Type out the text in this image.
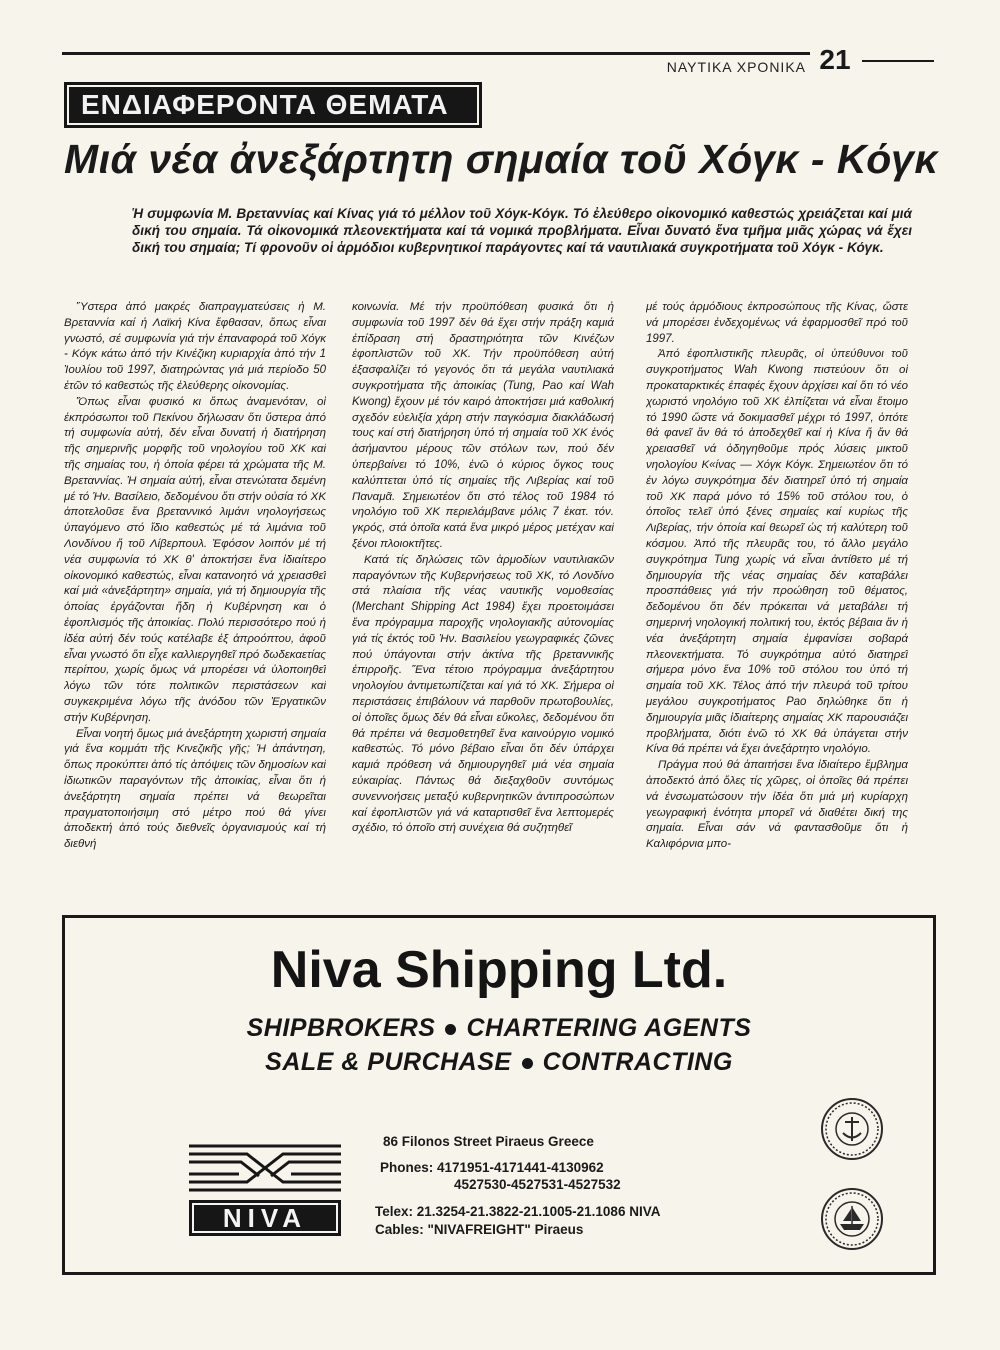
ΝΑΥΤΙΚΑ ΧΡΟΝΙΚΑ 21
ΕΝΔΙΑΦΕΡΟΝΤΑ ΘΕΜΑΤΑ
Μιά νέα ἀνεξάρτητη σημαία τοῦ Χόγκ - Κόγκ

Ἡ συμφωνία Μ. Βρεταννίας καί Κίνας γιά τό μέλλον τοῦ Χόγκ-Κόγκ. Τό ἐλεύθερο οἰκονομικό καθεστώς χρειάζεται καί μιά δική του σημαία. Τά οἰκονομικά πλεονεκτήματα καί τά νομικά προβλήματα. Εἶναι δυνατό ἕνα τμῆμα μιᾶς χώρας νά ἔχει δική του σημαία; Τί φρονοῦν οἱ ἁρμόδιοι κυβερνητικοί παράγοντες καί τά ναυτιλιακά συγκροτήματα τοῦ Χόγκ - Κόγκ.

Ὕστερα ἀπό μακρές διαπραγματεύσεις ἡ Μ. Βρεταννία καί ἡ Λαϊκή Κίνα ἔφθασαν, ὅπως εἶναι γνωστό, σέ συμφωνία γιά τήν ἐπαναφορά τοῦ Χόγκ - Κόγκ κάτω ἀπό τήν Κινέζικη κυριαρχία ἀπό τήν 1 Ἰουλίου τοῦ 1997, διατηρώντας γιά μιά περίοδο 50 ἐτῶν τό καθεστώς τῆς ἐλεύθερης οἰκονομίας.

Ὅπως εἶναι φυσικό κι ὅπως ἀναμενόταν, οἱ ἐκπρόσωποι τοῦ Πεκίνου δήλωσαν ὅτι ὕστερα ἀπό τή συμφωνία αὐτή, δέν εἶναι δυνατή ἡ διατήρηση τῆς σημερινῆς μορφῆς τοῦ νηολογίου τοῦ ΧΚ καί τῆς σημαίας του, ἡ ὁποία φέρει τά χρώματα τῆς Μ. Βρεταννίας. Ἡ σημαία αὐτή, εἶναι στενώτατα δεμένη μέ τό Ἡν. Βασίλειο, δεδομένου ὅτι στήν οὐσία τό ΧΚ ἀποτελοῦσε ἕνα βρεταννικό λιμάνι νηολογήσεως ὑπαγόμενο στό ἴδιο καθεστώς μέ τά λιμάνια τοῦ Λονδίνου ἤ τοῦ Λίβερπουλ. Ἐφόσον λοιπόν μέ τή νέα συμφωνία τό ΧΚ θ' ἀποκτήσει ἕνα ἰδιαίτερο οἰκονομικό καθεστώς, εἶναι κατανοητό νά χρειασθεῖ καί μιά «ἀνεξάρτητη» σημαία, γιά τή δημιουργία τῆς ὁποίας ἐργάζονται ἤδη ἡ Κυβέρνηση και ὁ ἐφοπλισμός τῆς ἀποικίας. Πολύ περισσότερο πού ἡ ἰδέα αὐτή δέν τούς κατέλαβε ἐξ ἀπροόπτου, ἀφοῦ εἶναι γνωστό ὅτι εἶχε καλλιεργηθεῖ πρό δωδεκαετίας περίπου, χωρίς ὅμως νά μπορέσει νά ὑλοποιηθεῖ λόγω τῶν τότε πολιτικῶν περιστάσεων καί συγκεκριμένα λόγω τῆς ἀνόδου τῶν Ἐργατικῶν στήν Κυβέρνηση.

Εἶναι νοητή ὅμως μιά ἀνεξάρτητη χωριστή σημαία γιά ἕνα κομμάτι τῆς Κινεζικῆς γῆς; Ἡ ἀπάντηση, ὅπως προκύπτει ἀπό τίς ἀπόψεις τῶν δημοσίων καί ἰδιωτικῶν παραγόντων τῆς ἀποικίας, εἶναι ὅτι ἡ ἀνεξάρτητη σημαία πρέπει νά θεωρεῖται πραγματοποιήσιμη στό μέτρο πού θά γίνει ἀποδεκτή ἀπό τούς διεθνεῖς ὀργανισμούς καί τή διεθνή

κοινωνία. Μέ τήν προϋπόθεση φυσικά ὅτι ἡ συμφωνία τοῦ 1997 δέν θά ἔχει στήν πράξη καμιά ἐπίδραση στή δραστηριότητα τῶν Κινέζων ἐφοπλιστῶν τοῦ ΧΚ. Τήν προϋπόθεση αὐτή ἐξασφαλίζει τό γεγονός ὅτι τά μεγάλα ναυτιλιακά συγκροτήματα τῆς ἀποικίας (Tung, Pao καί Wah Kwong) ἔχουν μέ τόν καιρό ἀποκτήσει μιά καθολική σχεδόν εὐελιξία χάρη στήν παγκόσμια διακλάδωσή τους καί στή διατήρηση ὑπό τή σημαία τοῦ ΧΚ ἑνός ἀσήμαντου μέρους τῶν στόλων των, πού δέν ὑπερβαίνει τό 10%, ἐνῶ ὁ κύριος ὄγκος τους καλύπτεται ὑπό τίς σημαίες τῆς Λιβερίας καί τοῦ Παναμᾶ. Σημειωτέον ὅτι στό τέλος τοῦ 1984 τό νηολόγιο τοῦ ΧΚ περιελάμβανε μόλις 7 ἑκατ. τόν. γκρός, στά ὁποῖα κατά ἕνα μικρό μέρος μετέχαν καί ξένοι πλοιοκτῆτες.

Κατά τίς δηλώσεις τῶν ἁρμοδίων ναυτιλιακῶν παραγόντων τῆς Κυβερνήσεως τοῦ ΧΚ, τό Λονδίνο στά πλαίσια τῆς νέας ναυτικῆς νομοθεσίας (Merchant Shipping Act 1984) ἔχει προετοιμάσει ἕνα πρόγραμμα παροχῆς νηολογιακῆς αὐτονομίας γιά τίς ἐκτός τοῦ Ἡν. Βασιλείου γεωγραφικές ζῶνες πού ὑπάγονται στήν ἀκτίνα τῆς βρεταννικῆς ἐπιρροῆς. Ἕνα τέτοιο πρόγραμμα ἀνεξάρτητου νηολογίου ἀντιμετωπίζεται καί γιά τό ΧΚ. Σήμερα οἱ περιστάσεις ἐπιβάλουν νά παρθοῦν πρωτοβουλίες, οἱ ὁποῖες ὅμως δέν θά εἶναι εὔκολες, δεδομένου ὅτι θά πρέπει νά θεσμοθετηθεῖ ἕνα καινούργιο νομικό καθεστώς. Τό μόνο βέβαιο εἶναι ὅτι δέν ὑπάρχει καμιά πρόθεση νά δημιουργηθεῖ μιά νέα σημαία εὐκαιρίας. Πάντως θά διεξαχθοῦν συντόμως συνεννοήσεις μεταξύ κυβερνητικῶν ἀντιπροσώπων καί ἐφοπλιστῶν γιά νά καταρτισθεῖ ἕνα λεπτομερές σχέδιο, τό ὁποῖο στή συνέχεια θά συζητηθεῖ

μέ τούς ἁρμόδιους ἐκπροσώπους τῆς Κίνας, ὥστε νά μπορέσει ἐνδεχομένως νά ἐφαρμοσθεῖ πρό τοῦ 1997.

Ἀπό ἐφοπλιστικῆς πλευρᾶς, οἱ ὑπεύθυνοι τοῦ συγκροτήματος Wah Kwong πιστεύουν ὅτι οἱ προκαταρκτικές ἐπαφές ἔχουν ἀρχίσει καί ὅτι τό νέο χωριστό νηολόγιο τοῦ ΧΚ ἐλπίζεται νά εἶναι ἕτοιμο τό 1990 ὥστε νά δοκιμασθεῖ μέχρι τό 1997, ὁπότε θά φανεῖ ἄν θά τό ἀποδεχθεῖ καί ἡ Κίνα ἤ ἄν θά χρειασθεῖ νά ὁδηγηθοῦμε πρός λύσεις μικτοῦ νηολογίου Κ«ίνας — Χόγκ Κόγκ. Σημειωτέον ὅτι τό ἐν λόγω συγκρότημα δέν διατηρεῖ ὑπό τή σημαία τοῦ ΧΚ παρά μόνο τό 15% τοῦ στόλου του, ὁ ὁποῖος τελεῖ ὑπό ξένες σημαίες καί κυρίως τῆς Λιβερίας, τήν ὁποία καί θεωρεῖ ὡς τή καλύτερη τοῦ κόσμου. Ἀπό τῆς πλευρᾶς του, τό ἄλλο μεγάλο συγκρότημα Tung χωρίς νά εἶναι ἀντίθετο μέ τή δημιουργία τῆς νέας σημαίας δέν καταβάλει προσπάθειες γιά τήν προώθηση τοῦ θέματος, δεδομένου ὅτι δέν πρόκειται νά μεταβάλει τή σημερινή νηολογική πολιτική του, ἐκτός βέβαια ἄν ἡ νέα ἀνεξάρτητη σημαία ἐμφανίσει σοβαρά πλεονεκτήματα. Τό συγκρότημα αὐτό διατηρεῖ σήμερα μόνο ἕνα 10% τοῦ στόλου του ὑπό τή σημαία τοῦ ΧΚ. Τέλος ἀπό τήν πλευρά τοῦ τρίτου μεγάλου συγκροτήματος Pao δηλώθηκε ὅτι ἡ δημιουργία μιᾶς ἰδιαίτερης σημαίας ΧΚ παρουσιάζει προβλήματα, διότι ἐνῶ τό ΧΚ θά ὑπάγεται στήν Κίνα θά πρέπει νά ἔχει ἀνεξάρτητο νηολόγιο.

Πράγμα πού θά ἀπαιτήσει ἕνα ἰδιαίτερο ἔμβλημα ἀποδεκτό ἀπό ὅλες τίς χῶρες, οἱ ὁποῖες θά πρέπει νά ἐνσωματώσουν τήν ἰδέα ὅτι μιά μή κυρίαρχη γεωγραφική ἑνότητα μπορεῖ νά διαθέτει δική της σημαία. Εἶναι σάν νά φαντασθοῦμε ὅτι ἡ Καλιφόρνια μπο-

Niva Shipping Ltd.
SHIPBROKERS CHARTERING AGENTS
SALE & PURCHASE CONTRACTING
NIVA
86 Filonos Street Piraeus Greece
Phones: 4171951-4171441-4130962
4527530-4527531-4527532
Telex: 21.3254-21.3822-21.1005-21.1086 NIVA
Cables: "NIVAFREIGHT" Piraeus
